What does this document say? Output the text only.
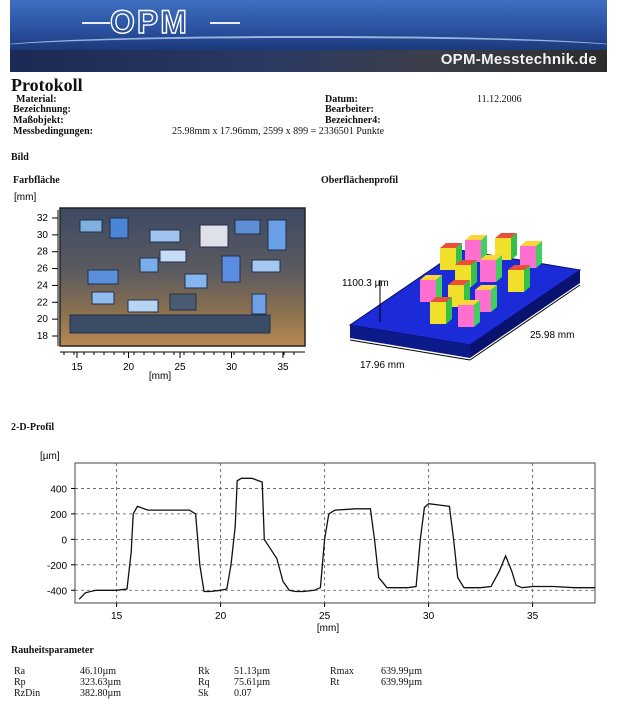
OPM
OPM-Messtechnik.de
Protokoll
Material:
Bezeichnung:
Maßobjekt:
Messbedingungen:	25.98mm x 17.96mm, 2599 x 899 = 2336501 Punkte
Datum:	11.12.2006
Bearbeiter:
Bezeichner4:
Bild
Farbfläche	Oberflächenprofil
[mm]
32
30
28
26
24
22
20
18
15	20	25	30	35
[mm]
1100.3 µm
25.98 mm
17.96 mm
2-D-Profil
[µm]
400
200
0
-200
-400
15	20	25	30	35
[mm]
Rauheitsparameter
Ra	46.10µm	Rk	51.13µm	Rmax	639.99µm
Rp	323.63µm	Rq	75.61µm	Rt	639.99µm
RzDin	382.80µm	Sk	0.07		
